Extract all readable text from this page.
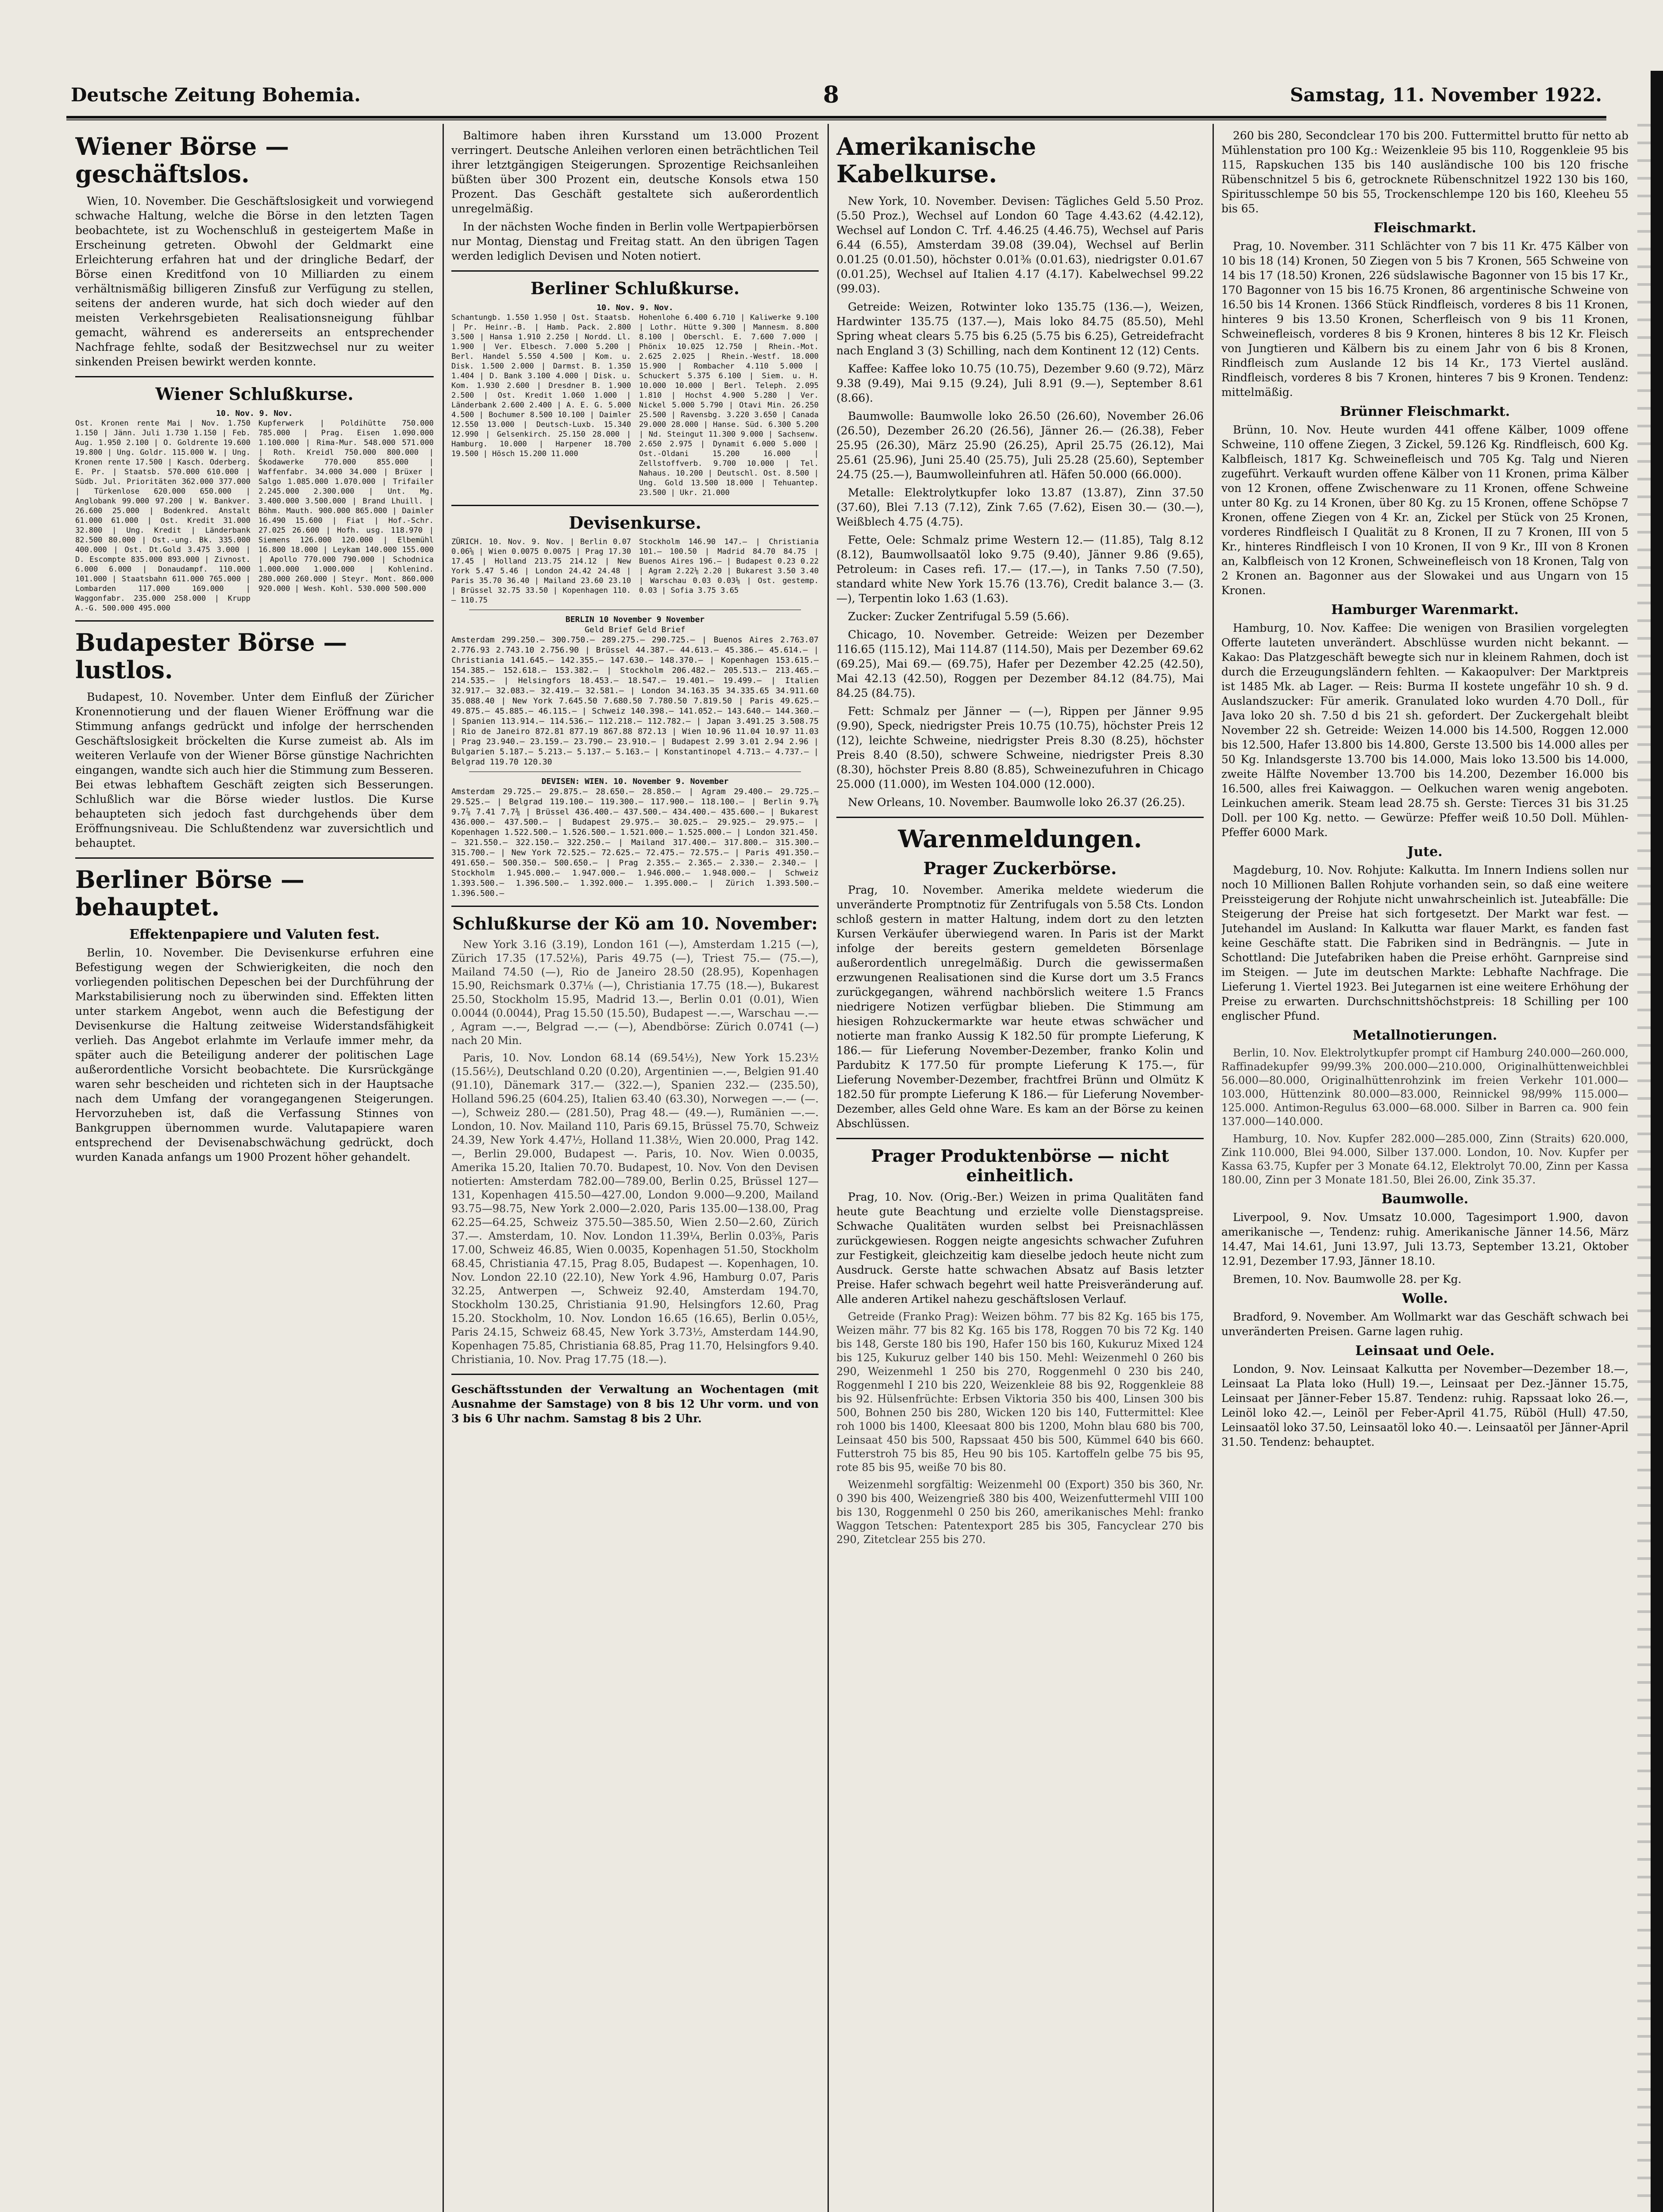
Deutsche Zeitung Bohemia.	8	Samstag, 11. November 1922.
Wiener Börse — geschäftslos.

Wien, 10. November. Die Geschäftslosigkeit und vorwiegend schwache Haltung, welche die Börse in den letzten Tagen beobachtete, ist zu Wochenschluß in gesteigertem Maße in Erscheinung getreten. Obwohl der Geldmarkt eine Erleichterung erfahren hat und der dringliche Bedarf, der Börse einen Kreditfond von 10 Milliarden zu einem verhältnismäßig billigeren Zinsfuß zur Verfügung zu stellen, seitens der anderen wurde, hat sich doch wieder auf den meisten Verkehrsgebieten Realisationsneigung fühlbar gemacht, während es andererseits an entsprechender Nachfrage fehlte, sodaß der Besitzwechsel nur zu weiter sinkenden Preisen bewirkt werden konnte.

Wiener Schlußkurse.
10. Nov. 9. Nov.
Ost. Kronen rente Mai | Nov. 1.750 1.150 | Jänn. Juli 1.730 1.150 | Feb. Aug. 1.950 2.100 | O. Goldrente 19.600 19.800 | Ung. Goldr. 115.000 W. | Ung. Kronen rente 17.500 | Kasch. Oderberg. E. Pr. | Staatsb. 570.000 610.000 | Südb. Jul. Prioritäten 362.000 377.000 | Türkenlose 620.000 650.000 | Anglobank 99.000 97.200 | W. Bankver. 26.600 25.000 | Bodenkred. Anstalt 61.000 61.000 | Ost. Kredit 31.000 32.800 | Ung. Kredit | Länderbank 82.500 80.000 | Ost.-ung. Bk. 335.000 400.000 | Ost. Dt.Gold 3.475 3.000 | D. Escompte 835.000 893.000 | Zivnost. 6.000 6.000 | Donaudampf. 110.000 101.000 | Staatsbahn 611.000 765.000 | Lombarden 117.000 169.000 | Waggonfabr. 235.000 258.000 | Krupp A.-G. 500.000 495.000
Kupferwerk | Poldihütte 750.000 785.000 | Prag. Eisen 1.090.000 1.100.000 | Rima-Mur. 548.000 571.000 | Roth. Kreidl 750.000 800.000 | Škodawerke 770.000 855.000 | Waffenfabr. 34.000 34.000 | Brüxer | Salgo 1.085.000 1.070.000 | Trifailer 2.245.000 2.300.000 | Unt. Mg. 3.400.000 3.500.000 | Brand Lhuill. | Böhm. Mauth. 900.000 865.000 | Daimler 16.490 15.600 | Fiat | Hof.-Schr. 27.025 26.600 | Hofh. usg. 118.970 | Siemens 126.000 120.000 | Elbemühl 16.800 18.000 | Leykam 140.000 155.000 | Apollo 770.000 790.000 | Schodnica 1.000.000 1.000.000 | Kohlenind. 280.000 260.000 | Steyr. Mont. 860.000 920.000 | Wesh. Kohl. 530.000 500.000
Budapester Börse — lustlos.

Budapest, 10. November. Unter dem Einfluß der Züricher Kronennotierung und der flauen Wiener Eröffnung war die Stimmung anfangs gedrückt und infolge der herrschenden Geschäftslosigkeit bröckelten die Kurse zumeist ab. Als im weiteren Verlaufe von der Wiener Börse günstige Nachrichten eingangen, wandte sich auch hier die Stimmung zum Besseren. Bei etwas lebhaftem Geschäft zeigten sich Besserungen. Schlußlich war die Börse wieder lustlos. Die Kurse behaupteten sich jedoch fast durchgehends über dem Eröffnungsniveau. Die Schlußtendenz war zuversichtlich und behauptet.

Berliner Börse — behauptet.
Effektenpapiere und Valuten fest.

Berlin, 10. November. Die Devisenkurse erfuhren eine Befestigung wegen der Schwierigkeiten, die noch den vorliegenden politischen Depeschen bei der Durchführung der Markstabilisierung noch zu überwinden sind. Effekten litten unter starkem Angebot, wenn auch die Befestigung der Devisenkurse die Haltung zeitweise Widerstandsfähigkeit verlieh. Das Angebot erlahmte im Verlaufe immer mehr, da später auch die Beteiligung anderer der politischen Lage außerordentliche Vorsicht beobachtete. Die Kursrückgänge waren sehr bescheiden und richteten sich in der Hauptsache nach dem Umfang der vorangegangenen Steigerungen. Hervorzuheben ist, daß die Verfassung Stinnes von Bankgruppen übernommen wurde. Valutapapiere waren entsprechend der Devisenabschwächung gedrückt, doch wurden Kanada anfangs um 1900 Prozent höher gehandelt.

Baltimore haben ihren Kursstand um 13.000 Prozent verringert. Deutsche Anleihen verloren einen beträchtlichen Teil ihrer letztgängigen Steigerungen. Sprozentige Reichsanleihen büßten über 300 Prozent ein, deutsche Konsols etwa 150 Prozent. Das Geschäft gestaltete sich außerordentlich unregelmäßig.

In der nächsten Woche finden in Berlin volle Wertpapierbörsen nur Montag, Dienstag und Freitag statt. An den übrigen Tagen werden lediglich Devisen und Noten notiert.

Berliner Schlußkurse.
10. Nov. 9. Nov.
Schantungb. 1.550 1.950 | Ost. Staatsb. | Pr. Heinr.-B. | Hamb. Pack. 2.800 3.500 | Hansa 1.910 2.250 | Nordd. Ll. 1.900 | Ver. Elbesch. 7.000 5.200 | Berl. Handel 5.550 4.500 | Kom. u. Disk. 1.500 2.000 | Darmst. B. 1.350 1.404 | D. Bank 3.100 4.000 | Disk. u. Kom. 1.930 2.600 | Dresdner B. 1.900 2.500 | Ost. Kredit 1.060 1.000 | Länderbank 2.600 2.400 | A. E. G. 5.000 4.500 | Bochumer 8.500 10.100 | Daimler 12.550 13.000 | Deutsch-Luxb. 15.340 12.990 | Gelsenkirch. 25.150 28.000 | Hamburg. 10.000 | Harpener 18.700 19.500 | Hösch 15.200 11.000
Hohenlohe 6.400 6.710 | Kaliwerke 9.100 | Lothr. Hütte 9.300 | Mannesm. 8.800 8.100 | Oberschl. E. 7.600 7.000 | Phönix 10.025 12.750 | Rhein.-Mot. 2.625 2.025 | Rhein.-Westf. 18.000 15.900 | Rombacher 4.110 5.000 | Schuckert 5.375 6.100 | Siem. u. H. 10.000 10.000 | Berl. Teleph. 2.095 1.810 | Hochst 4.900 5.280 | Ver. Nickel 5.000 5.790 | Otavi Min. 26.250 25.500 | Ravensbg. 3.220 3.650 | Canada 29.000 28.000 | Hanse. Süd. 6.300 5.200 | Nd. Steingut 11.300 9.000 | Sachsenw. 2.650 2.975 | Dynamit 6.000 5.000 | Ost.-Oldani 15.200 16.000 | Zellstoffverb. 9.700 10.000 | Tel. Nahaus. 10.200 | Deutschl. Ost. 8.500 | Ung. Gold 13.500 18.000 | Tehuantep. 23.500 | Ukr. 21.000
Devisenkurse.
ZÜRICH. 10. Nov. 9. Nov. | Berlin 0.07 0.06⅝ | Wien 0.0075 0.0075 | Prag 17.30 17.45 | Holland 213.75 214.12 | New York 5.47 5.46 | London 24.42 24.48 | Paris 35.70 36.40 | Mailand 23.60 23.10 | Brüssel 32.75 33.50 | Kopenhagen 110.— 110.75
Stockholm 146.90 147.— | Christiania 101.— 100.50 | Madrid 84.70 84.75 | Buenos Aires 196.— | Budapest 0.23 0.22 | Agram 2.22⅛ 2.20 | Bukarest 3.50 3.40 | Warschau 0.03 0.03⅛ | Ost. gestemp. 0.03 | Sofia 3.75 3.65
BERLIN 10 November 9 November
Geld Brief Geld Brief
Amsterdam 299.250.— 300.750.— 289.275.— 290.725.— | Buenos Aires 2.763.07 2.776.93 2.743.10 2.756.90 | Brüssel 44.387.— 44.613.— 45.386.— 45.614.— | Christiania 141.645.— 142.355.— 147.630.— 148.370.— | Kopenhagen 153.615.— 154.385.— 152.618.— 153.382.— | Stockholm 206.482.— 205.513.— 213.465.— 214.535.— | Helsingfors 18.453.— 18.547.— 19.401.— 19.499.— | Italien 32.917.— 32.083.— 32.419.— 32.581.— | London 34.163.35 34.335.65 34.911.60 35.088.40 | New York 7.645.50 7.680.50 7.780.50 7.819.50 | Paris 49.625.— 49.875.— 45.885.— 46.115.— | Schweiz 140.398.— 141.052.— 143.640.— 144.360.— | Spanien 113.914.— 114.536.— 112.218.— 112.782.— | Japan 3.491.25 3.508.75 | Rio de Janeiro 872.81 877.19 867.88 872.13 | Wien 10.96 11.04 10.97 11.03 | Prag 23.940.— 23.159.— 23.790.— 23.910.— | Budapest 2.99 3.01 2.94 2.96 | Bulgarien 5.187.— 5.213.— 5.137.— 5.163.— | Konstantinopel 4.713.— 4.737.— | Belgrad 119.70 120.30
DEVISEN: WIEN. 10. November 9. November
Amsterdam 29.725.— 29.875.— 28.650.— 28.850.— | Agram 29.400.— 29.725.— 29.525.— | Belgrad 119.100.— 119.300.— 117.900.— 118.100.— | Berlin 9.7⅛ 9.7⅞ 7.41 7.7⅜ | Brüssel 436.400.— 437.500.— 434.400.— 435.600.— | Bukarest 436.000.— 437.500.— | Budapest 29.975.— 30.025.— 29.925.— 29.975.— | Kopenhagen 1.522.500.— 1.526.500.— 1.521.000.— 1.525.000.— | London 321.450.— 321.550.— 322.150.— 322.250.— | Mailand 317.400.— 317.800.— 315.300.— 315.700.— | New York 72.525.— 72.625.— 72.475.— 72.575.— | Paris 491.350.— 491.650.— 500.350.— 500.650.— | Prag 2.355.— 2.365.— 2.330.— 2.340.— | Stockholm 1.945.000.— 1.947.000.— 1.946.000.— 1.948.000.— | Schweiz 1.393.500.— 1.396.500.— 1.392.000.— 1.395.000.— | Zürich 1.393.500.— 1.396.500.—
Schlußkurse der Kö am 10. November:

New York 3.16 (3.19), London 161 (—), Amsterdam 1.215 (—), Zürich 17.35 (17.52⅛), Paris 49.75 (—), Triest 75.— (75.—), Mailand 74.50 (—), Rio de Janeiro 28.50 (28.95), Kopenhagen 15.90, Reichsmark 0.37⅛ (—), Christiania 17.75 (18.—), Bukarest 25.50, Stockholm 15.95, Madrid 13.—, Berlin 0.01 (0.01), Wien 0.0044 (0.0044), Prag 15.50 (15.50), Budapest —.—, Warschau —.— , Agram —.—, Belgrad —.— (—), Abendbörse: Zürich 0.0741 (—) nach 20 Min.

Paris, 10. Nov. London 68.14 (69.54½), New York 15.23½ (15.56½), Deutschland 0.20 (0.20), Argentinien —.—, Belgien 91.40 (91.10), Dänemark 317.— (322.—), Spanien 232.— (235.50), Holland 596.25 (604.25), Italien 63.40 (63.30), Norwegen —.— (—.—), Schweiz 280.— (281.50), Prag 48.— (49.—), Rumänien —.—. London, 10. Nov. Mailand 110, Paris 69.15, Brüssel 75.70, Schweiz 24.39, New York 4.47½, Holland 11.38½, Wien 20.000, Prag 142.—, Berlin 29.000, Budapest —. Paris, 10. Nov. Wien 0.0035, Amerika 15.20, Italien 70.70. Budapest, 10. Nov. Von den Devisen notierten: Amsterdam 782.00—789.00, Berlin 0.25, Brüssel 127—131, Kopenhagen 415.50—427.00, London 9.000—9.200, Mailand 93.75—98.75, New York 2.000—2.020, Paris 135.00—138.00, Prag 62.25—64.25, Schweiz 375.50—385.50, Wien 2.50—2.60, Zürich 37.—. Amsterdam, 10. Nov. London 11.39¼, Berlin 0.03⅝, Paris 17.00, Schweiz 46.85, Wien 0.0035, Kopenhagen 51.50, Stockholm 68.45, Christiania 47.15, Prag 8.05, Budapest —. Kopenhagen, 10. Nov. London 22.10 (22.10), New York 4.96, Hamburg 0.07, Paris 32.25, Antwerpen —, Schweiz 92.40, Amsterdam 194.70, Stockholm 130.25, Christiania 91.90, Helsingfors 12.60, Prag 15.20. Stockholm, 10. Nov. London 16.65 (16.65), Berlin 0.05½, Paris 24.15, Schweiz 68.45, New York 3.73½, Amsterdam 144.90, Kopenhagen 75.85, Christiania 68.85, Prag 11.70, Helsingfors 9.40. Christiania, 10. Nov. Prag 17.75 (18.—).

Geschäftsstunden der Verwaltung an Wochentagen (mit Ausnahme der Samstage) von 8 bis 12 Uhr vorm. und von 3 bis 6 Uhr nachm. Samstag 8 bis 2 Uhr.

Amerikanische Kabelkurse.

New York, 10. November. Devisen: Tägliches Geld 5.50 Proz. (5.50 Proz.), Wechsel auf London 60 Tage 4.43.62 (4.42.12), Wechsel auf London C. Trf. 4.46.25 (4.46.75), Wechsel auf Paris 6.44 (6.55), Amsterdam 39.08 (39.04), Wechsel auf Berlin 0.01.25 (0.01.50), höchster 0.01⅜ (0.01.63), niedrigster 0.01.67 (0.01.25), Wechsel auf Italien 4.17 (4.17). Kabelwechsel 99.22 (99.03).

Getreide: Weizen, Rotwinter loko 135.75 (136.—), Weizen, Hardwinter 135.75 (137.—), Mais loko 84.75 (85.50), Mehl Spring wheat clears 5.75 bis 6.25 (5.75 bis 6.25), Getreidefracht nach England 3 (3) Schilling, nach dem Kontinent 12 (12) Cents.

Kaffee: Kaffee loko 10.75 (10.75), Dezember 9.60 (9.72), März 9.38 (9.49), Mai 9.15 (9.24), Juli 8.91 (9.—), September 8.61 (8.66).

Baumwolle: Baumwolle loko 26.50 (26.60), November 26.06 (26.50), Dezember 26.20 (26.56), Jänner 26.— (26.38), Feber 25.95 (26.30), März 25.90 (26.25), April 25.75 (26.12), Mai 25.61 (25.96), Juni 25.40 (25.75), Juli 25.28 (25.60), September 24.75 (25.—), Baumwolleinfuhren atl. Häfen 50.000 (66.000).

Metalle: Elektrolytkupfer loko 13.87 (13.87), Zinn 37.50 (37.60), Blei 7.13 (7.12), Zink 7.65 (7.62), Eisen 30.— (30.—), Weißblech 4.75 (4.75).

Fette, Oele: Schmalz prime Western 12.— (11.85), Talg 8.12 (8.12), Baumwollsaatöl loko 9.75 (9.40), Jänner 9.86 (9.65), Petroleum: in Cases refi. 17.— (17.—), in Tanks 7.50 (7.50), standard white New York 15.76 (13.76), Credit balance 3.— (3.—), Terpentin loko 1.63 (1.63).

Zucker: Zucker Zentrifugal 5.59 (5.66).

Chicago, 10. November. Getreide: Weizen per Dezember 116.65 (115.12), Mai 114.87 (114.50), Mais per Dezember 69.62 (69.25), Mai 69.— (69.75), Hafer per Dezember 42.25 (42.50), Mai 42.13 (42.50), Roggen per Dezember 84.12 (84.75), Mai 84.25 (84.75).

Fett: Schmalz per Jänner — (—), Rippen per Jänner 9.95 (9.90), Speck, niedrigster Preis 10.75 (10.75), höchster Preis 12 (12), leichte Schweine, niedrigster Preis 8.30 (8.25), höchster Preis 8.40 (8.50), schwere Schweine, niedrigster Preis 8.30 (8.30), höchster Preis 8.80 (8.85), Schweinezufuhren in Chicago 25.000 (11.000), im Westen 104.000 (12.000).

New Orleans, 10. November. Baumwolle loko 26.37 (26.25).

Warenmeldungen.
Prager Zuckerbörse.

Prag, 10. November. Amerika meldete wiederum die unveränderte Promptnotiz für Zentrifugals von 5.58 Cts. London schloß gestern in matter Haltung, indem dort zu den letzten Kursen Verkäufer überwiegend waren. In Paris ist der Markt infolge der bereits gestern gemeldeten Börsenlage außerordentlich unregelmäßig. Durch die gewissermaßen erzwungenen Realisationen sind die Kurse dort um 3.5 Francs zurückgegangen, während nachbörslich weitere 1.5 Francs niedrigere Notizen verfügbar blieben. Die Stimmung am hiesigen Rohzuckermarkte war heute etwas schwächer und notierte man franko Aussig K 182.50 für prompte Lieferung, K 186.— für Lieferung November-Dezember, franko Kolin und Pardubitz K 177.50 für prompte Lieferung K 175.—, für Lieferung November-Dezember, frachtfrei Brünn und Olmütz K 182.50 für prompte Lieferung K 186.— für Lieferung November-Dezember, alles Geld ohne Ware. Es kam an der Börse zu keinen Abschlüssen.

Prager Produktenbörse — nicht einheitlich.

Prag, 10. Nov. (Orig.-Ber.) Weizen in prima Qualitäten fand heute gute Beachtung und erzielte volle Dienstagspreise. Schwache Qualitäten wurden selbst bei Preisnachlässen zurückgewiesen. Roggen neigte angesichts schwacher Zufuhren zur Festigkeit, gleichzeitig kam dieselbe jedoch heute nicht zum Ausdruck. Gerste hatte schwachen Absatz auf Basis letzter Preise. Hafer schwach begehrt weil hatte Preisveränderung auf. Alle anderen Artikel nahezu geschäftslosen Verlauf.

Getreide (Franko Prag): Weizen böhm. 77 bis 82 Kg. 165 bis 175, Weizen mähr. 77 bis 82 Kg. 165 bis 178, Roggen 70 bis 72 Kg. 140 bis 148, Gerste 180 bis 190, Hafer 150 bis 160, Kukuruz Mixed 124 bis 125, Kukuruz gelber 140 bis 150. Mehl: Weizenmehl 0 260 bis 290, Weizenmehl 1 250 bis 270, Roggenmehl 0 230 bis 240, Roggenmehl I 210 bis 220, Weizenkleie 88 bis 92, Roggenkleie 88 bis 92. Hülsenfrüchte: Erbsen Viktoria 350 bis 400, Linsen 300 bis 500, Bohnen 250 bis 280, Wicken 120 bis 140, Futtermittel: Klee roh 1000 bis 1400, Kleesaat 800 bis 1200, Mohn blau 680 bis 700, Leinsaat 450 bis 500, Rapssaat 450 bis 500, Kümmel 640 bis 660. Futterstroh 75 bis 85, Heu 90 bis 105. Kartoffeln gelbe 75 bis 95, rote 85 bis 95, weiße 70 bis 80.

Weizenmehl sorgfältig: Weizenmehl 00 (Export) 350 bis 360, Nr. 0 390 bis 400, Weizengrieß 380 bis 400, Weizenfuttermehl VIII 100 bis 130, Roggenmehl 0 250 bis 260, amerikanisches Mehl: franko Waggon Tetschen: Patentexport 285 bis 305, Fancyclear 270 bis 290, Zitetclear 255 bis 270.

260 bis 280, Secondclear 170 bis 200. Futtermittel brutto für netto ab Mühlenstation pro 100 Kg.: Weizenkleie 95 bis 110, Roggenkleie 95 bis 115, Rapskuchen 135 bis 140 ausländische 100 bis 120 frische Rübenschnitzel 5 bis 6, getrocknete Rübenschnitzel 1922 130 bis 160, Spiritusschlempe 50 bis 55, Trockenschlempe 120 bis 160, Kleeheu 55 bis 65.

Fleischmarkt.

Prag, 10. November. 311 Schlächter von 7 bis 11 Kr. 475 Kälber von 10 bis 18 (14) Kronen, 50 Ziegen von 5 bis 7 Kronen, 565 Schweine von 14 bis 17 (18.50) Kronen, 226 südslawische Bagonner von 15 bis 17 Kr., 170 Bagonner von 15 bis 16.75 Kronen, 86 argentinische Schweine von 16.50 bis 14 Kronen. 1366 Stück Rindfleisch, vorderes 8 bis 11 Kronen, hinteres 9 bis 13.50 Kronen, Scherfleisch von 9 bis 11 Kronen, Schweinefleisch, vorderes 8 bis 9 Kronen, hinteres 8 bis 12 Kr. Fleisch von Jungtieren und Kälbern bis zu einem Jahr von 6 bis 8 Kronen, Rindfleisch zum Auslande 12 bis 14 Kr., 173 Viertel ausländ. Rindfleisch, vorderes 8 bis 7 Kronen, hinteres 7 bis 9 Kronen. Tendenz: mittelmäßig.

Brünner Fleischmarkt.

Brünn, 10. Nov. Heute wurden 441 offene Kälber, 1009 offene Schweine, 110 offene Ziegen, 3 Zickel, 59.126 Kg. Rindfleisch, 600 Kg. Kalbfleisch, 1817 Kg. Schweinefleisch und 705 Kg. Talg und Nieren zugeführt. Verkauft wurden offene Kälber von 11 Kronen, prima Kälber von 12 Kronen, offene Zwischenware zu 11 Kronen, offene Schweine unter 80 Kg. zu 14 Kronen, über 80 Kg. zu 15 Kronen, offene Schöpse 7 Kronen, offene Ziegen von 4 Kr. an, Zickel per Stück von 25 Kronen, vorderes Rindfleisch I Qualität zu 8 Kronen, II zu 7 Kronen, III von 5 Kr., hinteres Rindfleisch I von 10 Kronen, II von 9 Kr., III von 8 Kronen an, Kalbfleisch von 12 Kronen, Schweinefleisch von 18 Kronen, Talg von 2 Kronen an. Bagonner aus der Slowakei und aus Ungarn von 15 Kronen.

Hamburger Warenmarkt.

Hamburg, 10. Nov. Kaffee: Die wenigen von Brasilien vorgelegten Offerte lauteten unverändert. Abschlüsse wurden nicht bekannt. — Kakao: Das Platzgeschäft bewegte sich nur in kleinem Rahmen, doch ist durch die Erzeugungsländern fehlten. — Kakaopulver: Der Marktpreis ist 1485 Mk. ab Lager. — Reis: Burma II kostete ungefähr 10 sh. 9 d. Auslandszucker: Für amerik. Granulated loko wurden 4.70 Doll., für Java loko 20 sh. 7.50 d bis 21 sh. gefordert. Der Zuckergehalt bleibt November 22 sh. Getreide: Weizen 14.000 bis 14.500, Roggen 12.000 bis 12.500, Hafer 13.800 bis 14.800, Gerste 13.500 bis 14.000 alles per 50 Kg. Inlandsgerste 13.700 bis 14.000, Mais loko 13.500 bis 14.000, zweite Hälfte November 13.700 bis 14.200, Dezember 16.000 bis 16.500, alles frei Kaiwaggon. — Oelkuchen waren wenig angeboten. Leinkuchen amerik. Steam lead 28.75 sh. Gerste: Tierces 31 bis 31.25 Doll. per 100 Kg. netto. — Gewürze: Pfeffer weiß 10.50 Doll. Mühlen-Pfeffer 6000 Mark.

Jute.

Magdeburg, 10. Nov. Rohjute: Kalkutta. Im Innern Indiens sollen nur noch 10 Millionen Ballen Rohjute vorhanden sein, so daß eine weitere Preissteigerung der Rohjute nicht unwahrscheinlich ist. Juteabfälle: Die Steigerung der Preise hat sich fortgesetzt. Der Markt war fest. — Jutehandel im Ausland: In Kalkutta war flauer Markt, es fanden fast keine Geschäfte statt. Die Fabriken sind in Bedrängnis. — Jute in Schottland: Die Jutefabriken haben die Preise erhöht. Garnpreise sind im Steigen. — Jute im deutschen Markte: Lebhafte Nachfrage. Die Lieferung 1. Viertel 1923. Bei Jutegarnen ist eine weitere Erhöhung der Preise zu erwarten. Durchschnittshöchstpreis: 18 Schilling per 100 englischer Pfund.

Metallnotierungen.

Berlin, 10. Nov. Elektrolytkupfer prompt cif Hamburg 240.000—260.000, Raffinadekupfer 99/99.3% 200.000—210.000, Originalhüttenweichblei 56.000—80.000, Originalhüttenrohzink im freien Verkehr 101.000—103.000, Hüttenzink 80.000—83.000, Reinnickel 98/99% 115.000—125.000. Antimon-Regulus 63.000—68.000. Silber in Barren ca. 900 fein 137.000—140.000.

Hamburg, 10. Nov. Kupfer 282.000—285.000, Zinn (Straits) 620.000, Zink 110.000, Blei 94.000, Silber 137.000. London, 10. Nov. Kupfer per Kassa 63.75, Kupfer per 3 Monate 64.12, Elektrolyt 70.00, Zinn per Kassa 180.00, Zinn per 3 Monate 181.50, Blei 26.00, Zink 35.37.

Baumwolle.

Liverpool, 9. Nov. Umsatz 10.000, Tagesimport 1.900, davon amerikanische —, Tendenz: ruhig. Amerikanische Jänner 14.56, März 14.47, Mai 14.61, Juni 13.97, Juli 13.73, September 13.21, Oktober 12.91, Dezember 17.93, Jänner 18.10.

Bremen, 10. Nov. Baumwolle 28. per Kg.

Wolle.

Bradford, 9. November. Am Wollmarkt war das Geschäft schwach bei unveränderten Preisen. Garne lagen ruhig.

Leinsaat und Oele.

London, 9. Nov. Leinsaat Kalkutta per November—Dezember 18.—, Leinsaat La Plata loko (Hull) 19.—, Leinsaat per Dez.-Jänner 15.75, Leinsaat per Jänner-Feber 15.87. Tendenz: ruhig. Rapssaat loko 26.—, Leinöl loko 42.—, Leinöl per Feber-April 41.75, Rüböl (Hull) 47.50, Leinsaatöl loko 37.50, Leinsaatöl loko 40.—. Leinsaatöl per Jänner-April 31.50. Tendenz: behauptet.
